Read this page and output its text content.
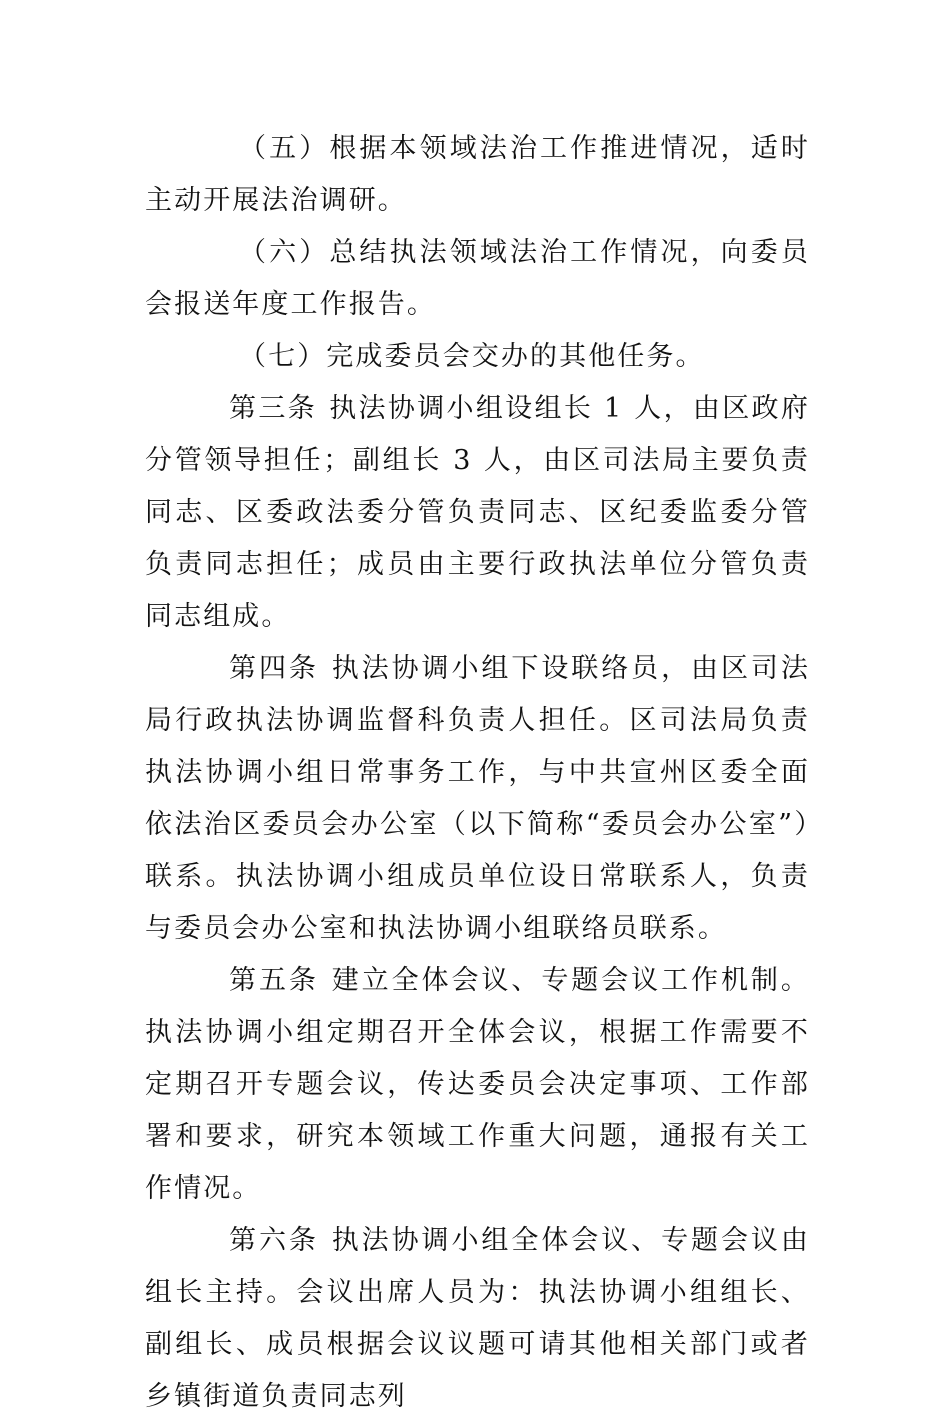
（五）根据本领域法治工作推进情况，适时主动开展法治调研。

（六）总结执法领域法治工作情况，向委员会报送年度工作报告。

（七）完成委员会交办的其他任务。

第三条 执法协调小组设组长 1 人，由区政府分管领导担任；副组长 3 人，由区司法局主要负责同志、区委政法委分管负责同志、区纪委监委分管负责同志担任；成员由主要行政执法单位分管负责同志组成。

第四条 执法协调小组下设联络员，由区司法局行政执法协调监督科负责人担任。区司法局负责执法协调小组日常事务工作，与中共宣州区委全面依法治区委员会办公室（以下简称“委员会办公室”）联系。执法协调小组成员单位设日常联系人，负责与委员会办公室和执法协调小组联络员联系。

第五条 建立全体会议、专题会议工作机制。执法协调小组定期召开全体会议，根据工作需要不定期召开专题会议，传达委员会决定事项、工作部署和要求，研究本领域工作重大问题，通报有关工作情况。

第六条 执法协调小组全体会议、专题会议由组长主持。会议出席人员为：执法协调小组组长、副组长、成员根据会议议题可请其他相关部门或者乡镇街道负责同志列
